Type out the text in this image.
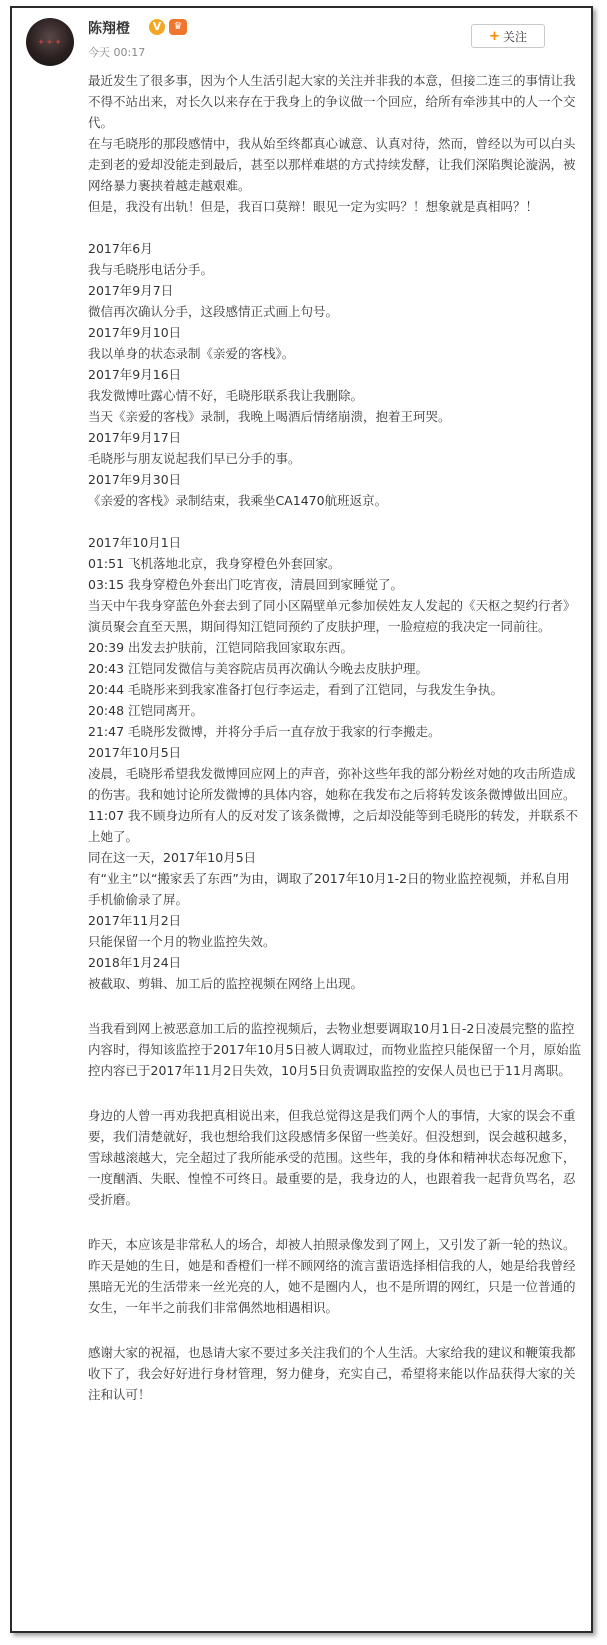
✦✦✦
陈翔橙	V	♛
今天 00:17
+ 关注

最近发生了很多事，因为个人生活引起大家的关注并非我的本意，但接二连三的事情让我不得不站出来，对长久以来存在于我身上的争议做一个回应，给所有牵涉其中的人一个交代。

在与毛晓彤的那段感情中，我从始至终都真心诚意、认真对待，然而，曾经以为可以白头走到老的爱却没能走到最后，甚至以那样难堪的方式持续发酵，让我们深陷舆论漩涡，被网络暴力裹挟着越走越艰难。

但是，我没有出轨！但是，我百口莫辩！眼见一定为实吗？！想象就是真相吗？！

2017年6月

我与毛晓彤电话分手。

2017年9月7日

微信再次确认分手，这段感情正式画上句号。

2017年9月10日

我以单身的状态录制《亲爱的客栈》。

2017年9月16日

我发微博吐露心情不好，毛晓彤联系我让我删除。

当天《亲爱的客栈》录制，我晚上喝酒后情绪崩溃，抱着王珂哭。

2017年9月17日

毛晓彤与朋友说起我们早已分手的事。

2017年9月30日

《亲爱的客栈》录制结束，我乘坐CA1470航班返京。

2017年10月1日

01:51 飞机落地北京，我身穿橙色外套回家。

03:15 我身穿橙色外套出门吃宵夜，清晨回到家睡觉了。

当天中午我身穿蓝色外套去到了同小区隔壁单元参加侯姓友人发起的《天枢之契约行者》演员聚会直至天黑，期间得知江铠同预约了皮肤护理，一脸痘痘的我决定一同前往。

20:39 出发去护肤前，江铠同陪我回家取东西。

20:43 江铠同发微信与美容院店员再次确认今晚去皮肤护理。

20:44 毛晓彤来到我家准备打包行李运走，看到了江铠同，与我发生争执。

20:48 江铠同离开。

21:47 毛晓彤发微博，并将分手后一直存放于我家的行李搬走。

2017年10月5日

凌晨，毛晓彤希望我发微博回应网上的声音，弥补这些年我的部分粉丝对她的攻击所造成的伤害。我和她讨论所发微博的具体内容，她称在我发布之后将转发该条微博做出回应。

11:07 我不顾身边所有人的反对发了该条微博，之后却没能等到毛晓彤的转发，并联系不上她了。

同在这一天，2017年10月5日

有“业主”以“搬家丢了东西”为由，调取了2017年10月1-2日的物业监控视频，并私自用手机偷偷录了屏。

2017年11月2日

只能保留一个月的物业监控失效。

2018年1月24日

被截取、剪辑、加工后的监控视频在网络上出现。

当我看到网上被恶意加工后的监控视频后，去物业想要调取10月1日-2日凌晨完整的监控内容时，得知该监控于2017年10月5日被人调取过，而物业监控只能保留一个月，原始监控内容已于2017年11月2日失效，10月5日负责调取监控的安保人员也已于11月离职。

身边的人曾一再劝我把真相说出来，但我总觉得这是我们两个人的事情，大家的误会不重要，我们清楚就好，我也想给我们这段感情多保留一些美好。但没想到，误会越积越多，雪球越滚越大，完全超过了我所能承受的范围。这些年，我的身体和精神状态每况愈下，一度酗酒、失眠、惶惶不可终日。最重要的是，我身边的人，也跟着我一起背负骂名，忍受折磨。

昨天，本应该是非常私人的场合，却被人拍照录像发到了网上，又引发了新一轮的热议。昨天是她的生日，她是和香橙们一样不顾网络的流言蜚语选择相信我的人，她是给我曾经黑暗无光的生活带来一丝光亮的人，她不是圈内人，也不是所谓的网红，只是一位普通的女生，一年半之前我们非常偶然地相遇相识。

感谢大家的祝福，也恳请大家不要过多关注我们的个人生活。大家给我的建议和鞭策我都收下了，我会好好进行身材管理，努力健身，充实自己，希望将来能以作品获得大家的关注和认可！
